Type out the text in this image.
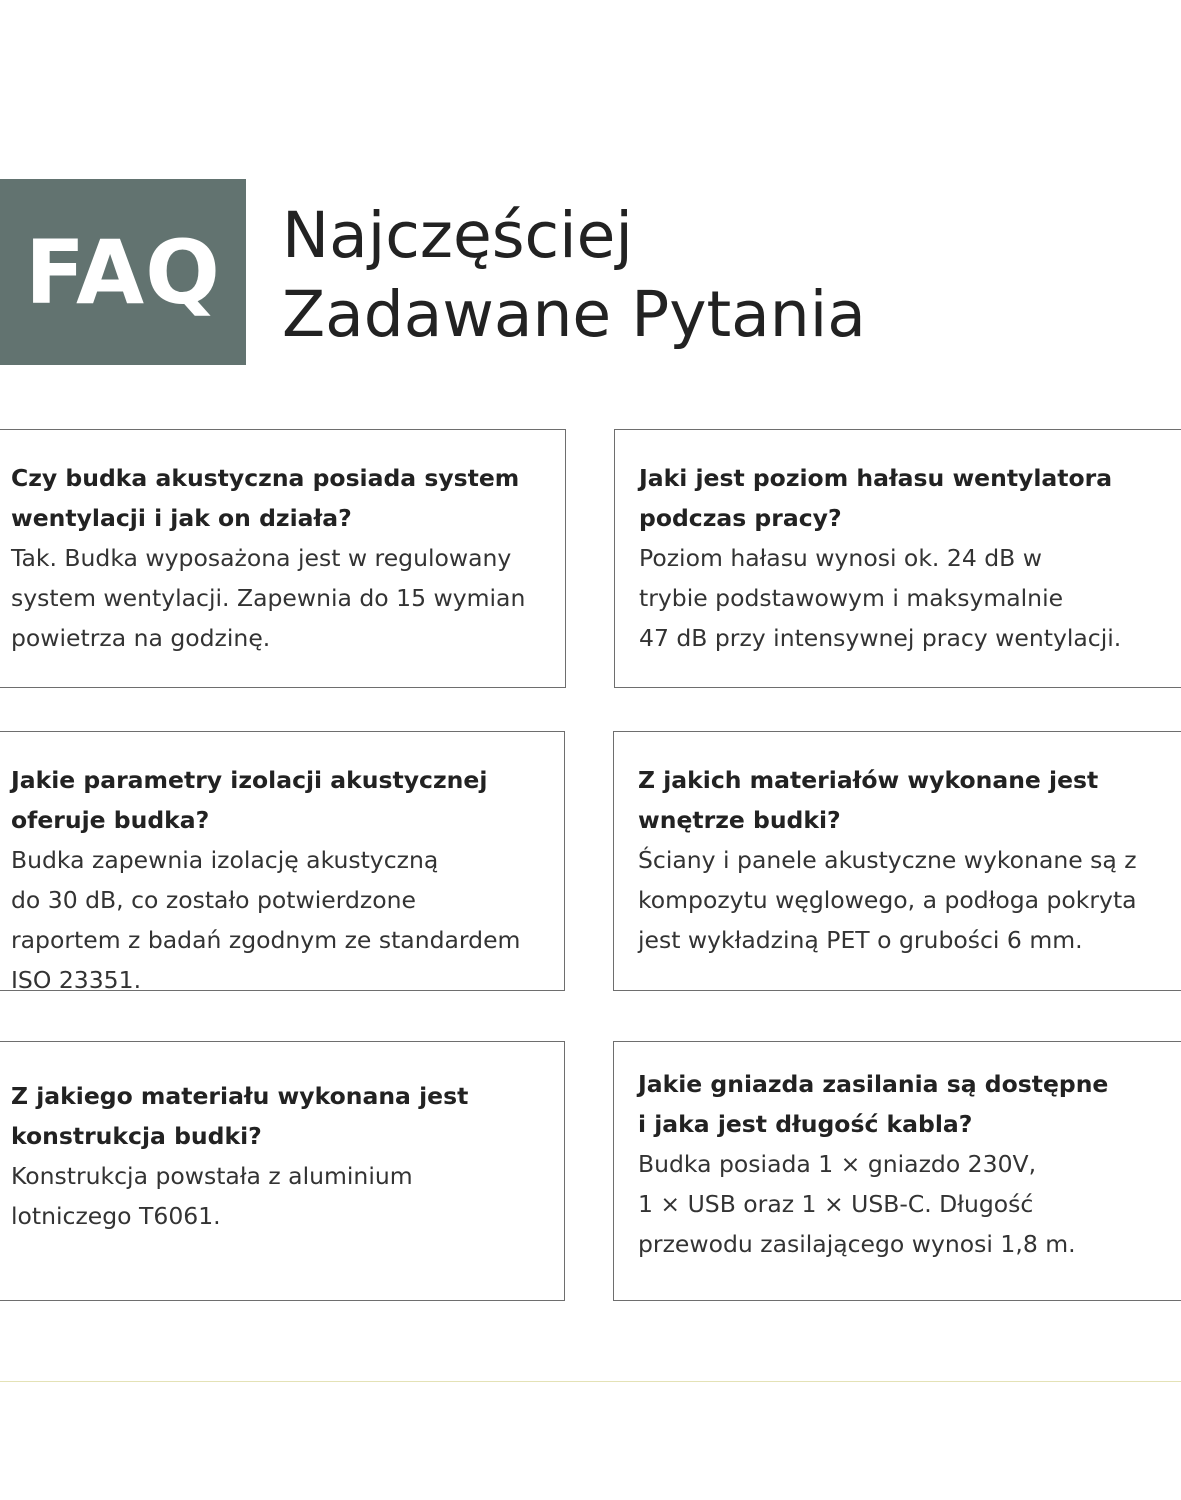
FAQ Najczęściej
Zadawane Pytania

Czy budka akustyczna posiada system
wentylacji i jak on działa?

Tak. Budka wyposażona jest w regulowany
system wentylacji. Zapewnia do 15 wymian
powietrza na godzinę.

Jaki jest poziom hałasu wentylatora
podczas pracy?

Poziom hałasu wynosi ok. 24 dB w
trybie podstawowym i maksymalnie
47 dB przy intensywnej pracy wentylacji.

Jakie parametry izolacji akustycznej
oferuje budka?

Budka zapewnia izolację akustyczną
do 30 dB, co zostało potwierdzone
raportem z badań zgodnym ze standardem
ISO 23351.

Z jakich materiałów wykonane jest
wnętrze budki?

Ściany i panele akustyczne wykonane są z
kompozytu węglowego, a podłoga pokryta
jest wykładziną PET o grubości 6 mm.

Z jakiego materiału wykonana jest
konstrukcja budki?

Konstrukcja powstała z aluminium
lotniczego T6061.

Jakie gniazda zasilania są dostępne
i jaka jest długość kabla?

Budka posiada 1 × gniazdo 230V,
1 × USB oraz 1 × USB-C. Długość
przewodu zasilającego wynosi 1,8 m.
